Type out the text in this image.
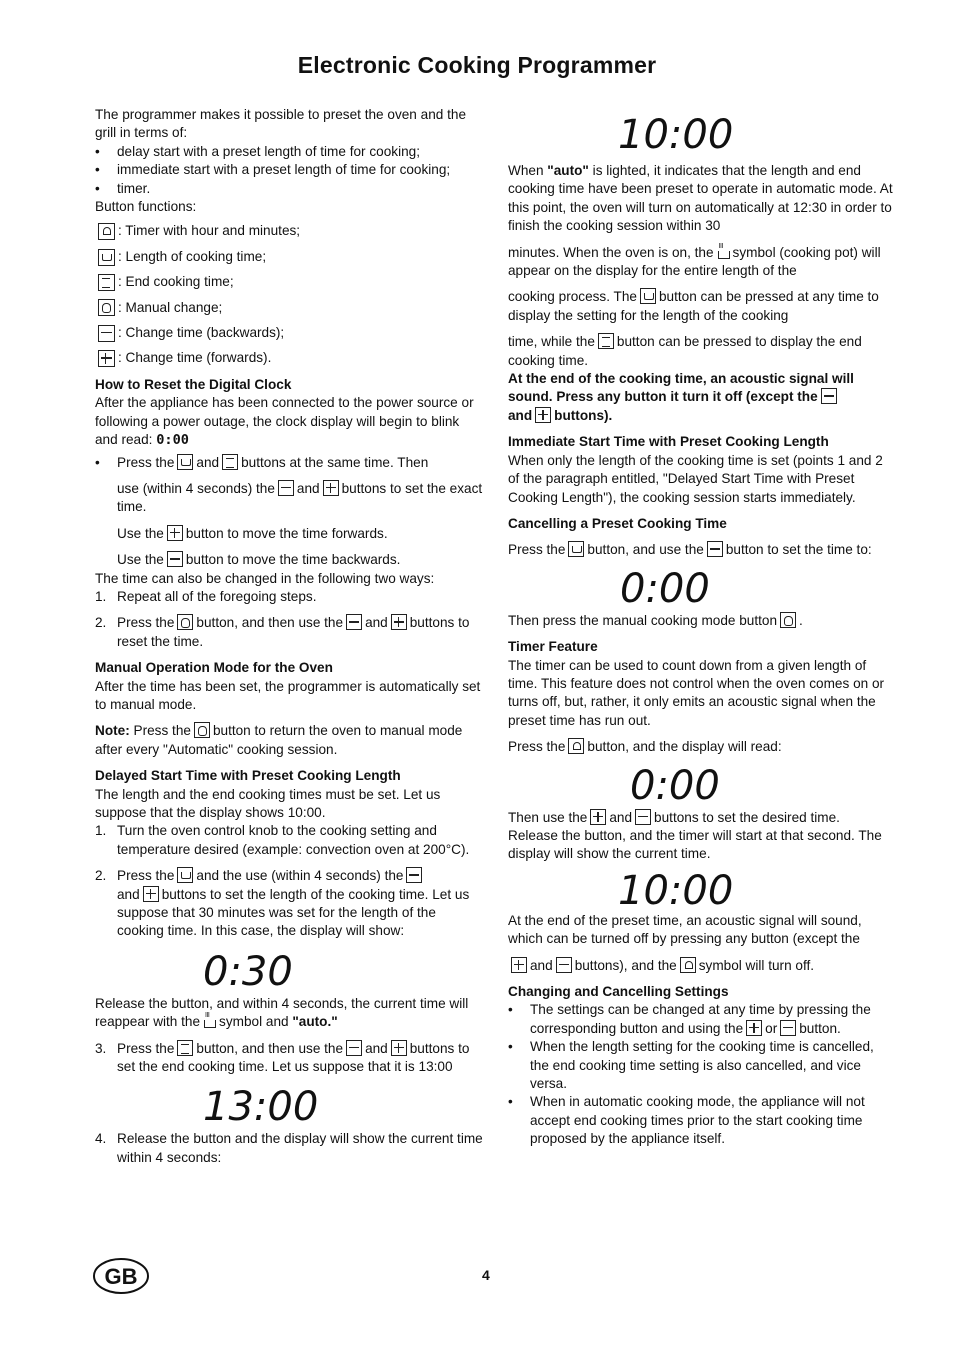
Electronic Cooking Programmer

The programmer makes it possible to preset the oven and the grill in terms of:

•	delay start with a preset length of time for cooking;
•	immediate start with a preset length of time for cooking;
•	timer.

Button functions:

: Timer with hour and minutes;
: Length of cooking time;
: End cooking time;
: Manual change;
: Change time (backwards);
: Change time (forwards).

How to Reset the Digital Clock

After the appliance has been connected to the power source or following a power outage, the clock display will begin to blink and read: 0:00

•	Press the and buttons at the same time. Then

use (within 4 seconds) the and buttons to set the exact time.

Use the button to move the time forwards.

Use the button to move the time backwards.

The time can also be changed in the following two ways:

1. Repeat all of the foregoing steps.
2. Press the button, and then use the and buttons to reset the time.

Manual Operation Mode for the Oven

After the time has been set, the programmer is automatically set to manual mode.

Note: Press the button to return the oven to manual mode after every "Automatic" cooking session.

Delayed Start Time with Preset Cooking Length

The length and the end cooking times must be set. Let us suppose that the display shows 10:00.

1. Turn the oven control knob to the cooking setting and temperature desired (example: convection oven at 200°C).
2. Press the and the use (within 4 seconds) the
and buttons to set the length of the cooking time. Let us suppose that 30 minutes was set for the length of the cooking time. In this case, the display will show:
0:30

Release the button, and within 4 seconds, the current time will reappear with the III symbol and "auto."

3. Press the button, and then use the and buttons to set the end cooking time. Let us suppose that it is 13:00
13:00
4. Release the button and the display will show the current time within 4 seconds:
10:00

When "auto" is lighted, it indicates that the length and end cooking time have been preset to operate in automatic mode. At this point, the oven will turn on automatically at 12:30 in order to finish the cooking session within 30

minutes. When the oven is on, the III symbol (cooking pot) will appear on the display for the entire length of the

cooking process. The button can be pressed at any time to display the setting for the length of the cooking

time, while the button can be pressed to display the end cooking time.

At the end of the cooking time, an acoustic signal will sound. Press any button it turn it off (except the
and buttons).

Immediate Start Time with Preset Cooking Length

When only the length of the cooking time is set (points 1 and 2 of the paragraph entitled, "Delayed Start Time with Preset Cooking Length"), the cooking session starts immediately.

Cancelling a Preset Cooking Time

Press the button, and use the button to set the time to:

0:00

Then press the manual cooking mode button .

Timer Feature

The timer can be used to count down from a given length of time. This feature does not control when the oven comes on or turns off, but, rather, it only emits an acoustic signal when the preset time has run out.

Press the button, and the display will read:

0:00

Then use the and buttons to set the desired time.

Release the button, and the timer will start at that second. The display will show the current time.

10:00

At the end of the preset time, an acoustic signal will sound, which can be turned off by pressing any button (except the

and buttons), and the symbol will turn off.

Changing and Cancelling Settings

•	The settings can be changed at any time by pressing the corresponding button and using the or button.
•	When the length setting for the cooking time is cancelled, the end cooking time setting is also cancelled, and vice versa.
•	When in automatic cooking mode, the appliance will not accept end cooking times prior to the start cooking time proposed by the appliance itself.
GB	4
